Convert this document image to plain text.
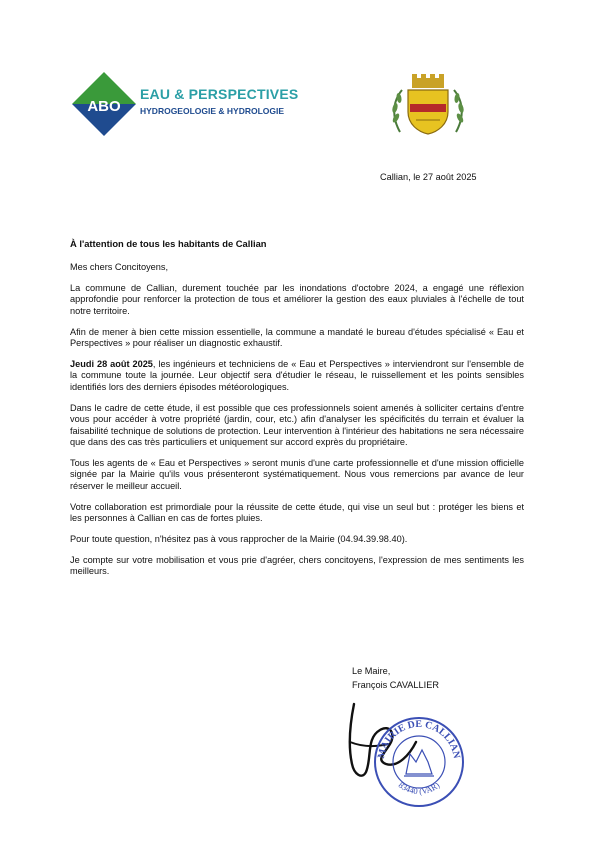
ABO
EAU & PERSPECTIVES
HYDROGEOLOGIE & HYDROLOGIE
Callian, le 27 août 2025
À l'attention de tous les habitants de Callian
Mes chers Concitoyens,

La commune de Callian, durement touchée par les inondations d'octobre 2024, a engagé une réflexion approfondie pour renforcer la protection de tous et améliorer la gestion des eaux pluviales à l'échelle de tout notre territoire.

Afin de mener à bien cette mission essentielle, la commune a mandaté le bureau d'études spécialisé « Eau et Perspectives » pour réaliser un diagnostic exhaustif.

Jeudi 28 août 2025, les ingénieurs et techniciens de « Eau et Perspectives » interviendront sur l'ensemble de la commune toute la journée. Leur objectif sera d'étudier le réseau, le ruissellement et les points sensibles identifiés lors des derniers épisodes météorologiques.

Dans le cadre de cette étude, il est possible que ces professionnels soient amenés à solliciter certains d'entre vous pour accéder à votre propriété (jardin, cour, etc.) afin d'analyser les spécificités du terrain et évaluer la faisabilité technique de solutions de protection. Leur intervention à l'intérieur des habitations ne sera nécessaire que dans des cas très particuliers et uniquement sur accord exprès du propriétaire.

Tous les agents de « Eau et Perspectives » seront munis d'une carte professionnelle et d'une mission officielle signée par la Mairie qu'ils vous présenteront systématiquement. Nous vous remercions par avance de leur réserver le meilleur accueil.

Votre collaboration est primordiale pour la réussite de cette étude, qui vise un seul but : protéger les biens et les personnes à Callian en cas de fortes pluies.

Pour toute question, n'hésitez pas à vous rapprocher de la Mairie (04.94.39.98.40).

Je compte sur votre mobilisation et vous prie d'agréer, chers concitoyens, l'expression de mes sentiments les meilleurs.

Le Maire,
François CAVALLIER
MAIRIE DE CALLIAN
83440 (VAR)
